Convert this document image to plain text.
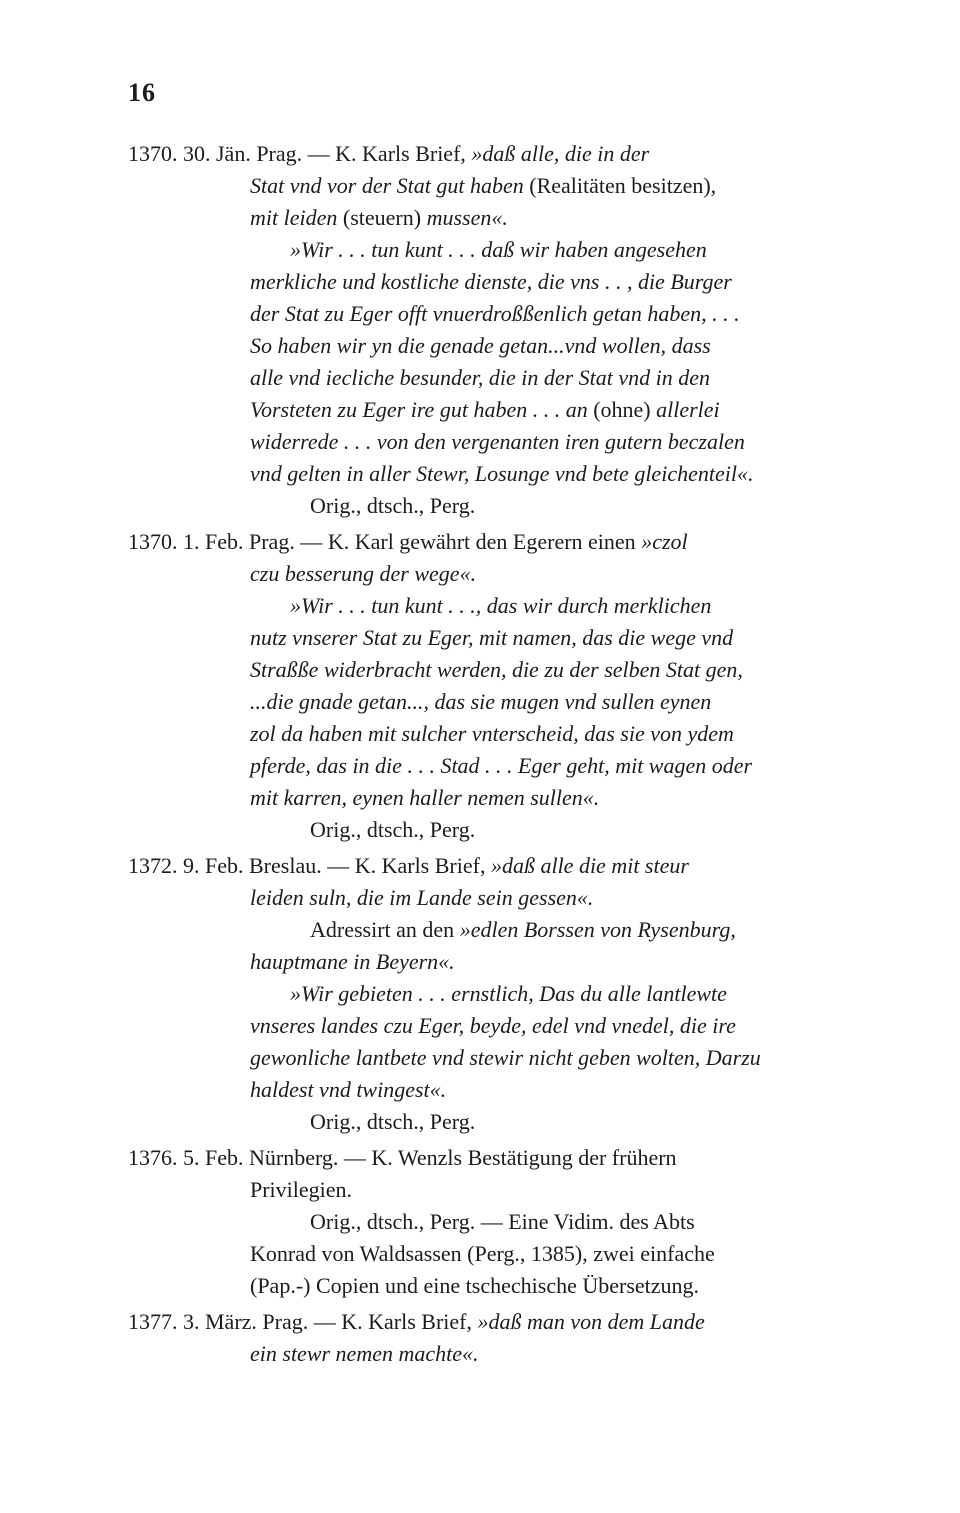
16
1370. 30. Jän. Prag. — K. Karls Brief, »daß alle, die in der
Stat vnd vor der Stat gut haben (Realitäten besitzen),
mit leiden (steuern) mussen«.
»Wir . . . tun kunt . . . daß wir haben angesehen
merkliche und kostliche dienste, die vns . . , die Burger
der Stat zu Eger offt vnuerdroßßenlich getan haben, . . .
So haben wir yn die genade getan...vnd wollen, dass
alle vnd iecliche besunder, die in der Stat vnd in den
Vorsteten zu Eger ire gut haben . . . an (ohne) allerlei
widerrede . . . von den vergenanten iren gutern beczalen
vnd gelten in aller Stewr, Losunge vnd bete gleichenteil«.
Orig., dtsch., Perg.
1370. 1. Feb. Prag. — K. Karl gewährt den Egerern einen »czol
czu besserung der wege«.
»Wir . . . tun kunt . . ., das wir durch merklichen
nutz vnserer Stat zu Eger, mit namen, das die wege vnd
Straßße widerbracht werden, die zu der selben Stat gen,
...die gnade getan..., das sie mugen vnd sullen eynen
zol da haben mit sulcher vnterscheid, das sie von ydem
pferde, das in die . . . Stad . . . Eger geht, mit wagen oder
mit karren, eynen haller nemen sullen«.
Orig., dtsch., Perg.
1372. 9. Feb. Breslau. — K. Karls Brief, »daß alle die mit steur
leiden suln, die im Lande sein gessen«.
Adressirt an den »edlen Borssen von Rysenburg,
hauptmane in Beyern«.
»Wir gebieten . . . ernstlich, Das du alle lantlewte
vnseres landes czu Eger, beyde, edel vnd vnedel, die ire
gewonliche lantbete vnd stewir nicht geben wolten, Darzu
haldest vnd twingest«.
Orig., dtsch., Perg.
1376. 5. Feb. Nürnberg. — K. Wenzls Bestätigung der frühern
Privilegien.
Orig., dtsch., Perg. — Eine Vidim. des Abts
Konrad von Waldsassen (Perg., 1385), zwei einfache
(Pap.-) Copien und eine tschechische Übersetzung.
1377. 3. März. Prag. — K. Karls Brief, »daß man von dem Lande
ein stewr nemen machte«.
